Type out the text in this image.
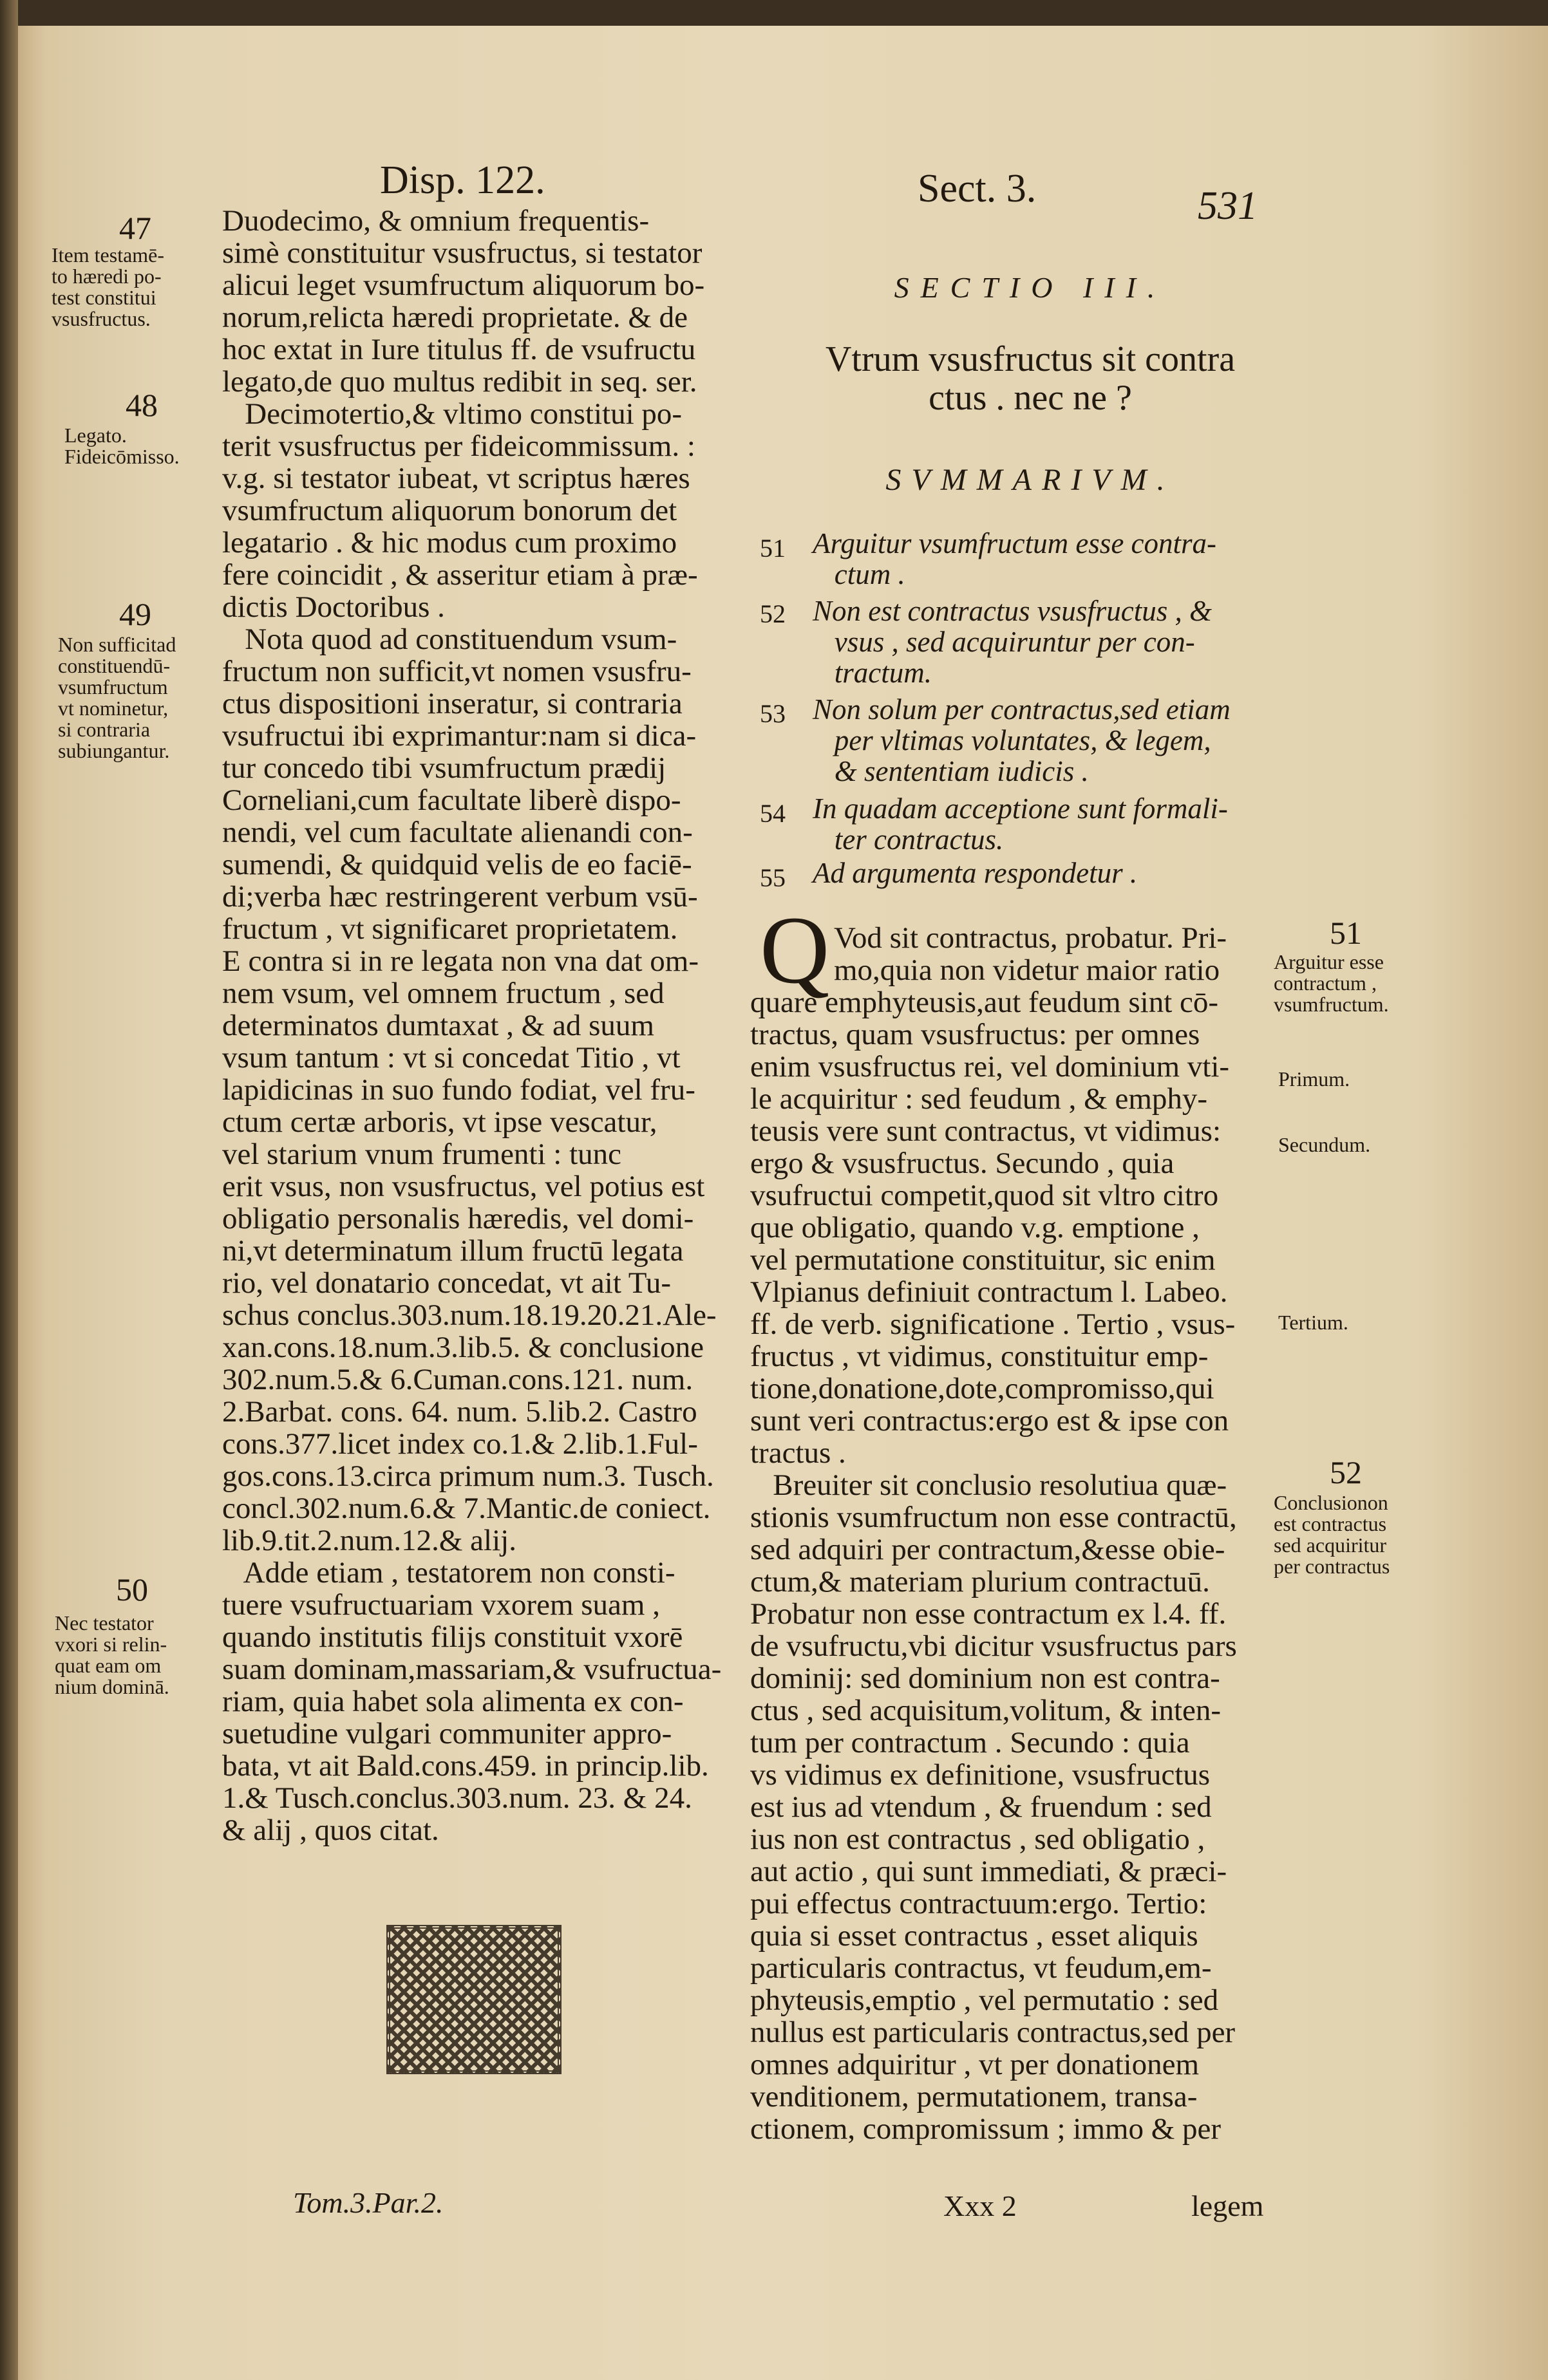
Disp. 122.	Sect. 3.	531
47
Item testamē-
to hæredi po-
test constitui
vsusfructus.
48
Legato.
Fideicōmisso.
49
Non sufficitad
constituendū-
vsumfructum
vt nominetur,
si contraria
subiungantur.
50
Nec testator
vxori si relin-
quat eam om
nium dominā.
Duodecimo, & omnium frequentis-
simè constituitur vsusfructus, si testator
alicui leget vsumfructum aliquorum bo-
norum,relicta hæredi proprietate. & de
hoc extat in Iure titulus ff. de vsufructu
legato,de quo multus redibit in seq. ser.
Decimotertio,& vltimo constitui po-
terit vsusfructus per fideicommissum. :
v.g. si testator iubeat, vt scriptus hæres
vsumfructum aliquorum bonorum det
legatario . & hic modus cum proximo
fere coincidit , & asseritur etiam à præ-
dictis Doctoribus .
Nota quod ad constituendum vsum-
fructum non sufficit,vt nomen vsusfru-
ctus dispositioni inseratur, si contraria
vsufructui ibi exprimantur:nam si dica-
tur concedo tibi vsumfructum prædij
Corneliani,cum facultate liberè dispo-
nendi, vel cum facultate alienandi con-
sumendi, & quidquid velis de eo faciē-
di;verba hæc restringerent verbum vsū-
fructum , vt significaret proprietatem.
E contra si in re legata non vna dat om-
nem vsum, vel omnem fructum , sed
determinatos dumtaxat , & ad suum
vsum tantum : vt si concedat Titio , vt
lapidicinas in suo fundo fodiat, vel fru-
ctum certæ arboris, vt ipse vescatur,
vel starium vnum frumenti : tunc
erit vsus, non vsusfructus, vel potius est
obligatio personalis hæredis, vel domi-
ni,vt determinatum illum fructū legata
rio, vel donatario concedat, vt ait Tu-
schus conclus.303.num.18.19.20.21.Ale-
xan.cons.18.num.3.lib.5. & conclusione
302.num.5.& 6.Cuman.cons.121. num.
2.Barbat. cons. 64. num. 5.lib.2. Castro
cons.377.licet index co.1.& 2.lib.1.Ful-
gos.cons.13.circa primum num.3. Tusch.
concl.302.num.6.& 7.Mantic.de coniect.
lib.9.tit.2.num.12.& alij.
Adde etiam , testatorem non consti-
tuere vsufructuariam vxorem suam ,
quando institutis filijs constituit vxorē
suam dominam,massariam,& vsufructua-
riam, quia habet sola alimenta ex con-
suetudine vulgari communiter appro-
bata, vt ait Bald.cons.459. in princip.lib.
1.& Tusch.conclus.303.num. 23. & 24.
& alij , quos citat.
Tom.3.Par.2.	Xxx 2	legem
SECTIO III.
Vtrum vsusfructus sit contra
ctus . nec ne ?
SVMMARIVM.
51 Arguitur vsumfructum esse contra-
ctum .
52 Non est contractus vsusfructus , &
vsus , sed acquiruntur per con-
tractum.
53 Non solum per contractus,sed etiam
per vltimas voluntates, & legem,
& sententiam iudicis .
54 In quadam acceptione sunt formali-
ter contractus.
55 Ad argumenta respondetur .
Q Vod sit contractus, probatur. Pri-
mo,quia non videtur maior ratio
quare emphyteusis,aut feudum sint cō-
tractus, quam vsusfructus: per omnes
enim vsusfructus rei, vel dominium vti-
le acquiritur : sed feudum , & emphy-
teusis vere sunt contractus, vt vidimus:
ergo & vsusfructus. Secundo , quia
vsufructui competit,quod sit vltro citro
que obligatio, quando v.g. emptione ,
vel permutatione constituitur, sic enim
Vlpianus definiuit contractum l. Labeo.
ff. de verb. significatione . Tertio , vsus-
fructus , vt vidimus, constituitur emp-
tione,donatione,dote,compromisso,qui
sunt veri contractus:ergo est & ipse con
tractus .
Breuiter sit conclusio resolutiua quæ-
stionis vsumfructum non esse contractū,
sed adquiri per contractum,&esse obie-
ctum,& materiam plurium contractuū.
Probatur non esse contractum ex l.4. ff.
de vsufructu,vbi dicitur vsusfructus pars
dominij: sed dominium non est contra-
ctus , sed acquisitum,volitum, & inten-
tum per contractum . Secundo : quia
vs vidimus ex definitione, vsusfructus
est ius ad vtendum , & fruendum : sed
ius non est contractus , sed obligatio ,
aut actio , qui sunt immediati, & præci-
pui effectus contractuum:ergo. Tertio:
quia si esset contractus , esset aliquis
particularis contractus, vt feudum,em-
phyteusis,emptio , vel permutatio : sed
nullus est particularis contractus,sed per
omnes adquiritur , vt per donationem
venditionem, permutationem, transa-
ctionem, compromissum ; immo & per
51
Arguitur esse
contractum ,
vsumfructum.
Primum.
Secundum.
Tertium.
52
Conclusionon
est contractus
sed acquiritur
per contractus
